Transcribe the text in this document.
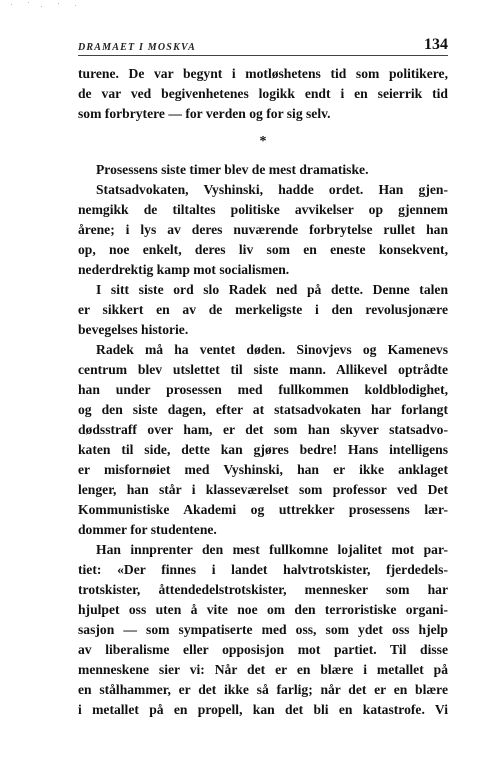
DRAMAET I MOSKVA	134
turene. De var begynt i motløshetens tid som politikere,
de var ved begivenhetenes logikk endt i en seierrik tid
som forbrytere — for verden og for sig selv.
*
Prosessens siste timer blev de mest dramatiske.
Statsadvokaten, Vyshinski, hadde ordet. Han gjen-
nemgikk de tiltaltes politiske avvikelser op gjennem
årene; i lys av deres nuværende forbrytelse rullet han
op, noe enkelt, deres liv som en eneste konsekvent,
nederdrektig kamp mot socialismen.
I sitt siste ord slo Radek ned på dette. Denne talen
er sikkert en av de merkeligste i den revolusjonære
bevegelses historie.
Radek må ha ventet døden. Sinovjevs og Kamenevs
centrum blev utslettet til siste mann. Allikevel optrådte
han under prosessen med fullkommen koldblodighet,
og den siste dagen, efter at statsadvokaten har forlangt
dødsstraff over ham, er det som han skyver statsadvo-
katen til side, dette kan gjøres bedre! Hans intelligens
er misfornøiet med Vyshinski, han er ikke anklaget
lenger, han står i klasseværelset som professor ved Det
Kommunistiske Akademi og uttrekker prosessens lær-
dommer for studentene.
Han innprenter den mest fullkomne lojalitet mot par-
tiet: «Der finnes i landet halvtrotskister, fjerdedels-
trotskister, åttendedelstrotskister, mennesker som har
hjulpet oss uten å vite noe om den terroristiske organi-
sasjon — som sympatiserte med oss, som ydet oss hjelp
av liberalisme eller opposisjon mot partiet. Til disse
menneskene sier vi: Når det er en blære i metallet på
en stålhammer, er det ikke så farlig; når det er en blære
i metallet på en propell, kan det bli en katastrofe. Vi
